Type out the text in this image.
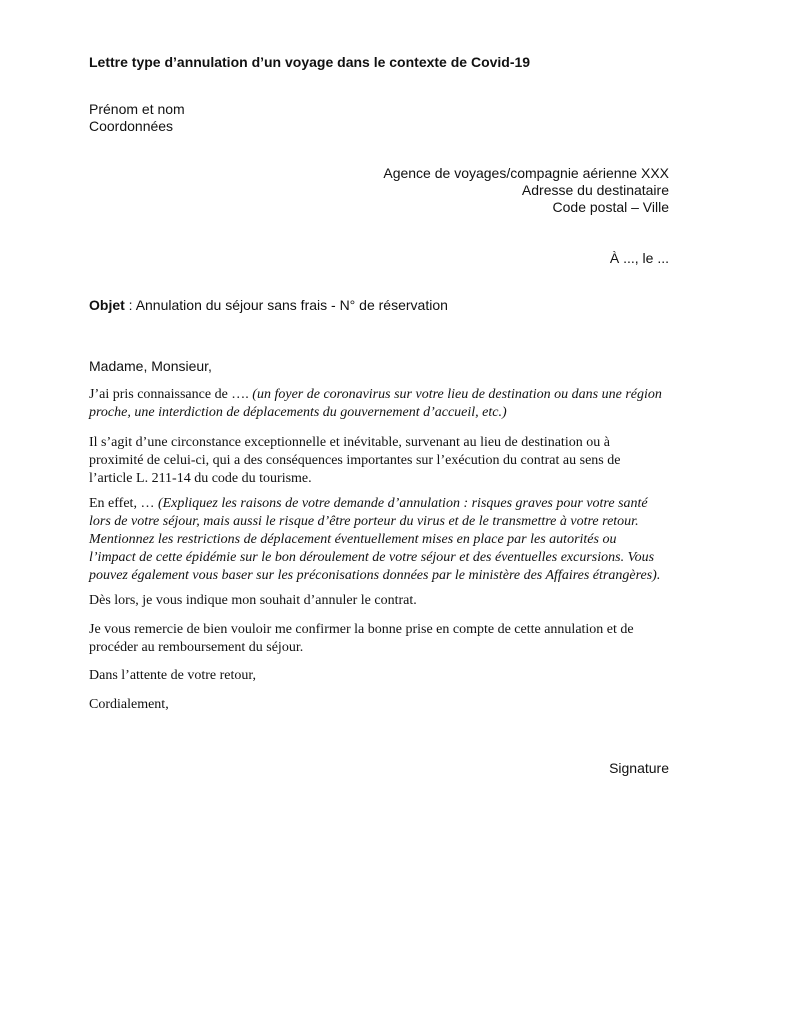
Lettre type d’annulation d’un voyage dans le contexte de Covid-19
Prénom et nom
Coordonnées
Agence de voyages/compagnie aérienne XXX
Adresse du destinataire
Code postal – Ville
À ..., le ...
Objet : Annulation du séjour sans frais - N° de réservation
Madame, Monsieur,
J’ai pris connaissance de …. (un foyer de coronavirus sur votre lieu de destination ou dans une région
proche, une interdiction de déplacements du gouvernement d’accueil, etc.)
Il s’agit d’une circonstance exceptionnelle et inévitable, survenant au lieu de destination ou à
proximité de celui-ci, qui a des conséquences importantes sur l’exécution du contrat au sens de
l’article L. 211-14 du code du tourisme.
En effet, … (Expliquez les raisons de votre demande d’annulation : risques graves pour votre santé
lors de votre séjour, mais aussi le risque d’être porteur du virus et de le transmettre à votre retour.
Mentionnez les restrictions de déplacement éventuellement mises en place par les autorités ou
l’impact de cette épidémie sur le bon déroulement de votre séjour et des éventuelles excursions. Vous
pouvez également vous baser sur les préconisations données par le ministère des Affaires étrangères).
Dès lors, je vous indique mon souhait d’annuler le contrat.
Je vous remercie de bien vouloir me confirmer la bonne prise en compte de cette annulation et de
procéder au remboursement du séjour.
Dans l’attente de votre retour,
Cordialement,
Signature
